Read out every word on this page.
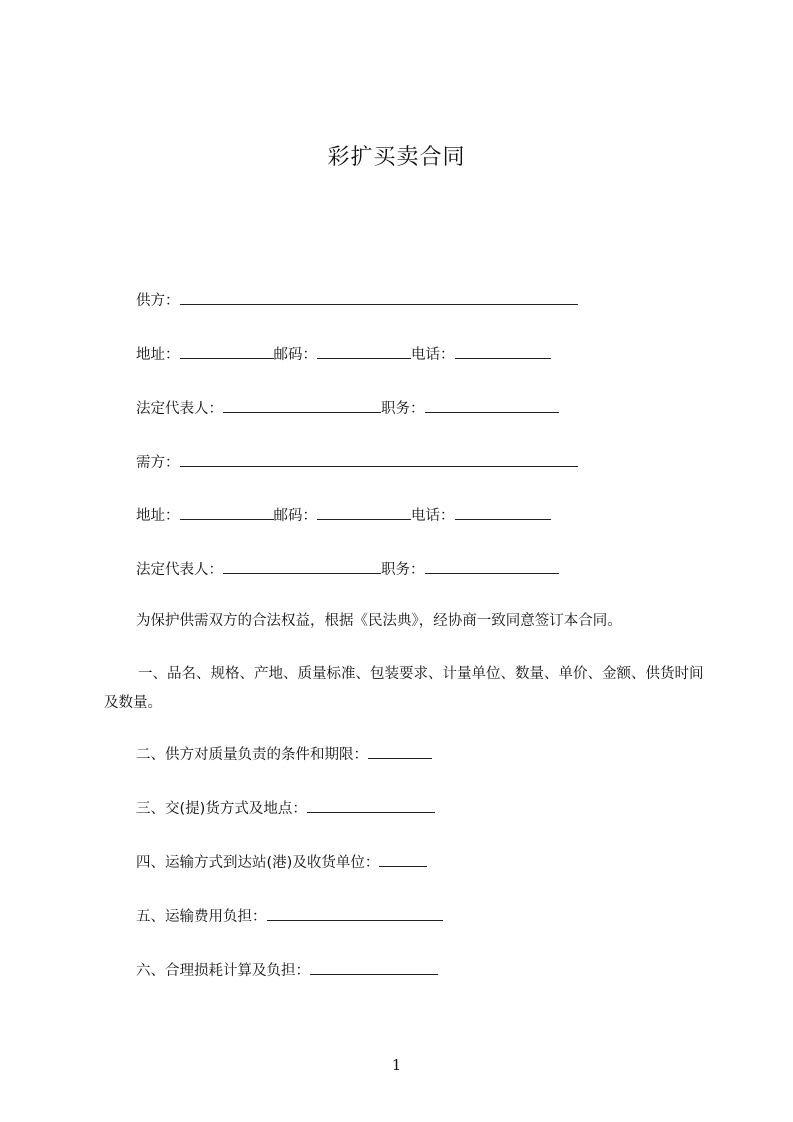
彩扩买卖合同
供方：
地址：	邮码：	电话：
法定代表人：	职务：
需方：
地址：	邮码：	电话：
法定代表人：	职务：
为保护供需双方的合法权益，根据《民法典》，经协商一致同意签订本合同。
一、品名、规格、产地、质量标准、包装要求、计量单位、数量、单价、金额、供货时间及数量。
二、供方对质量负责的条件和期限：
三、交(提)货方式及地点：
四、运输方式到达站(港)及收货单位：
五、运输费用负担：
六、合理损耗计算及负担：
1
